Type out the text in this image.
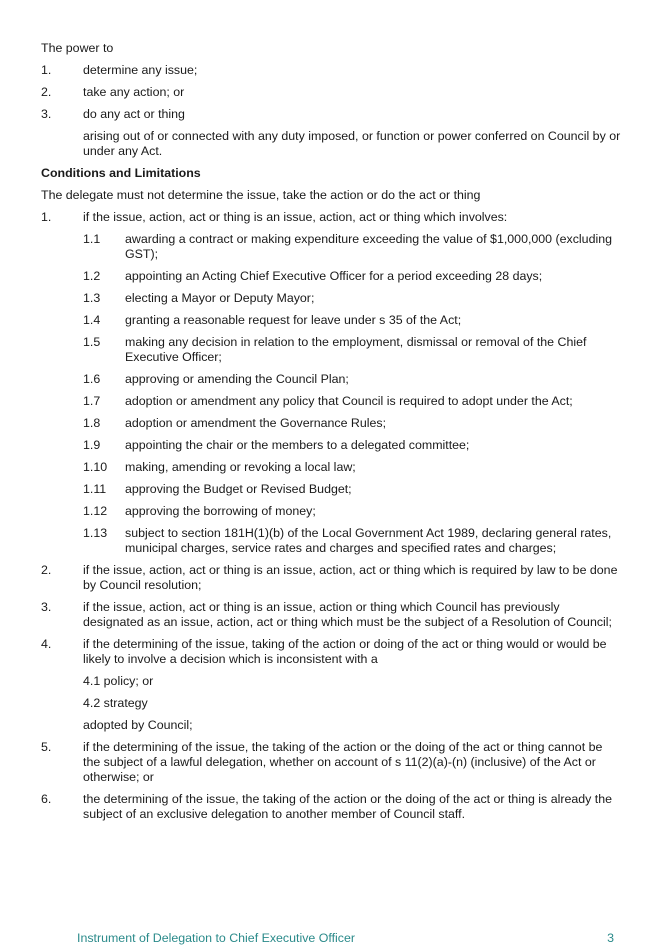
The power to

1.	determine any issue;
2.	take any action; or
3.	do any act or thing
arising out of or connected with any duty imposed, or function or power conferred on Council by or under any Act.

Conditions and Limitations

The delegate must not determine the issue, take the action or do the act or thing

1.	if the issue, action, act or thing is an issue, action, act or thing which involves:
1.1	awarding a contract or making expenditure exceeding the value of $1,000,000 (excluding GST);
1.2	appointing an Acting Chief Executive Officer for a period exceeding 28 days;
1.3	electing a Mayor or Deputy Mayor;
1.4	granting a reasonable request for leave under s 35 of the Act;
1.5	making any decision in relation to the employment, dismissal or removal of the Chief Executive Officer;
1.6	approving or amending the Council Plan;
1.7	adoption or amendment any policy that Council is required to adopt under the Act;
1.8	adoption or amendment the Governance Rules;
1.9	appointing the chair or the members to a delegated committee;
1.10	making, amending or revoking a local law;
1.11	approving the Budget or Revised Budget;
1.12	approving the borrowing of money;
1.13	subject to section 181H(1)(b) of the Local Government Act 1989, declaring general rates, municipal charges, service rates and charges and specified rates and charges;
2.	if the issue, action, act or thing is an issue, action, act or thing which is required by law to be done by Council resolution;
3.	if the issue, action, act or thing is an issue, action or thing which Council has previously designated as an issue, action, act or thing which must be the subject of a Resolution of Council;
4.	if the determining of the issue, taking of the action or doing of the act or thing would or would be likely to involve a decision which is inconsistent with a
4.1 policy; or
4.2 strategy
adopted by Council;
5.	if the determining of the issue, the taking of the action or the doing of the act or thing cannot be the subject of a lawful delegation, whether on account of s 11(2)(a)-(n) (inclusive) of the Act or otherwise; or
6.	the determining of the issue, the taking of the action or the doing of the act or thing is already the subject of an exclusive delegation to another member of Council staff.
Instrument of Delegation to Chief Executive Officer	3
